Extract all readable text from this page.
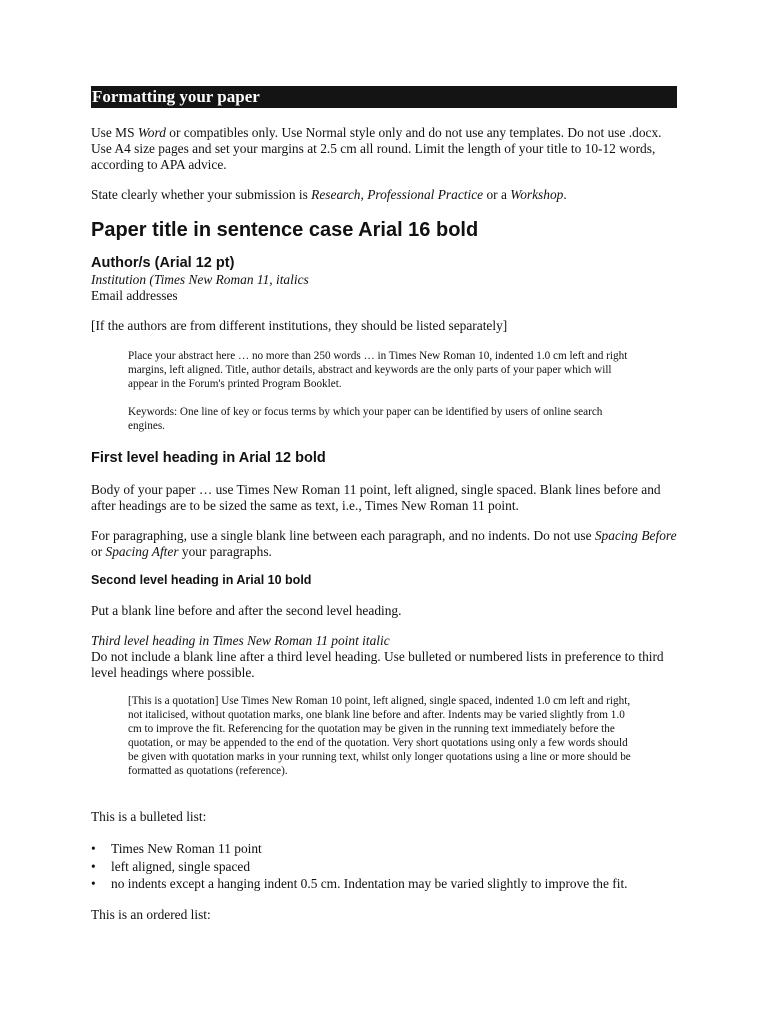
Formatting your paper
Use MS Word or compatibles only. Use Normal style only and do not use any templates. Do not use .docx. Use A4 size pages and set your margins at 2.5 cm all round. Limit the length of your title to 10-12 words, according to APA advice.
State clearly whether your submission is Research, Professional Practice or a Workshop.
Paper title in sentence case Arial 16 bold
Author/s (Arial 12 pt)
Institution (Times New Roman 11, italics
Email addresses
[If the authors are from different institutions, they should be listed separately]
Place your abstract here … no more than 250 words … in Times New Roman 10, indented 1.0 cm left and right margins, left aligned. Title, author details, abstract and keywords are the only parts of your paper which will appear in the Forum's printed Program Booklet.
Keywords: One line of key or focus terms by which your paper can be identified by users of online search engines.
First level heading in Arial 12 bold
Body of your paper … use Times New Roman 11 point, left aligned, single spaced. Blank lines before and after headings are to be sized the same as text, i.e., Times New Roman 11 point.
For paragraphing, use a single blank line between each paragraph, and no indents. Do not use Spacing Before or Spacing After your paragraphs.
Second level heading in Arial 10 bold
Put a blank line before and after the second level heading.
Third level heading in Times New Roman 11 point italic
Do not include a blank line after a third level heading. Use bulleted or numbered lists in preference to third level headings where possible.
[This is a quotation] Use Times New Roman 10 point, left aligned, single spaced, indented 1.0 cm left and right, not italicised, without quotation marks, one blank line before and after. Indents may be varied slightly from 1.0 cm to improve the fit. Referencing for the quotation may be given in the running text immediately before the quotation, or may be appended to the end of the quotation. Very short quotations using only a few words should be given with quotation marks in your running text, whilst only longer quotations using a line or more should be formatted as quotations (reference).
This is a bulleted list:
• Times New Roman 11 point
• left aligned, single spaced
• no indents except a hanging indent 0.5 cm. Indentation may be varied slightly to improve the fit.
This is an ordered list:
